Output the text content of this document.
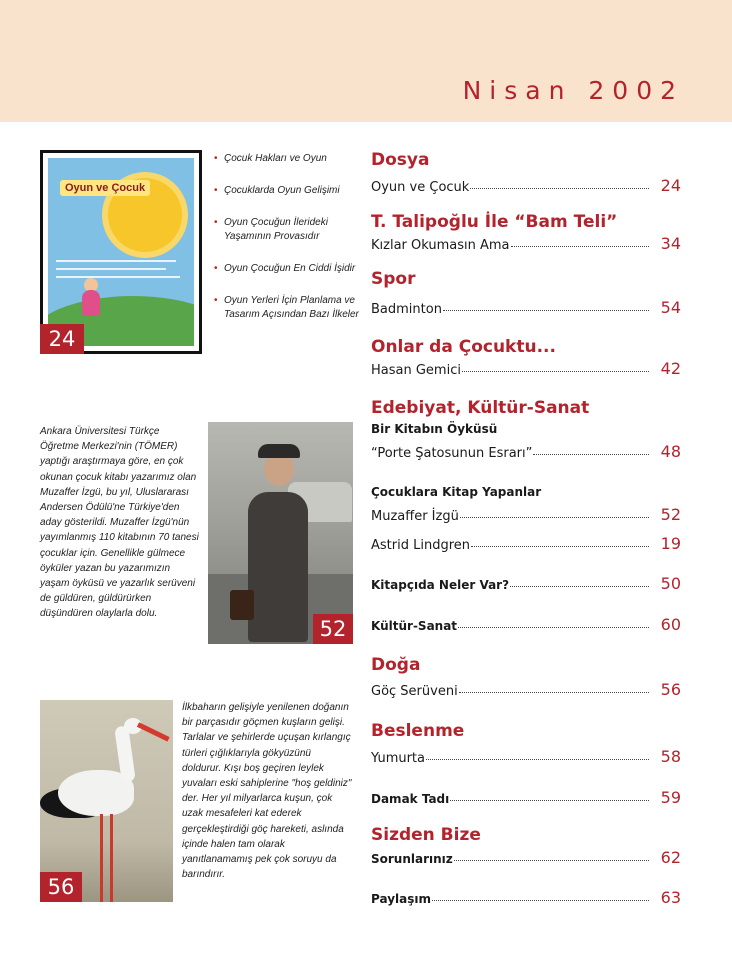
Nisan 2002
Oyun ve Çocuk
24
• Çocuk Hakları ve Oyun
• Çocuklarda Oyun Gelişimi
• Oyun Çocuğun İlerideki Yaşamının Provasıdır
• Oyun Çocuğun En Ciddi İşidir
• Oyun Yerleri İçin Planlama ve Tasarım Açısından Bazı İlkeler

Ankara Üniversitesi Türkçe Öğretme Merkezi'nin (TÖMER) yaptığı araştırmaya göre, en çok okunan çocuk kitabı yazarımız olan Muzaffer İzgü, bu yıl, Uluslararası Andersen Ödülü'ne Türkiye'den aday gösterildi. Muzaffer İzgü'nün yayımlanmış 110 kitabının 70 tanesi çocuklar için. Genellikle gülmece öyküler yazan bu yazarımızın yaşam öyküsü ve yazarlık serüveni de güldüren, güldürürken düşündüren olaylarla dolu.

52
56

İlkbaharın gelişiyle yenilenen doğanın bir parçasıdır göçmen kuşların gelişi. Tarlalar ve şehirlerde uçuşan kırlangıç türleri çığlıklarıyla gökyüzünü doldurur. Kışı boş geçiren leylek yuvaları eski sahiplerine "hoş geldiniz" der. Her yıl milyarlarca kuşun, çok uzak mesafeleri kat ederek gerçekleştirdiği göç hareketi, aslında içinde halen tam olarak yanıtlanamamış pek çok soruyu da barındırır.

Dosya
Oyun ve Çocuk	24
T. Talipoğlu İle “Bam Teli”
Kızlar Okumasın Ama	34
Spor
Badminton	54
Onlar da Çocuktu...
Hasan Gemici	42
Edebiyat, Kültür-Sanat
Bir Kitabın Öyküsü
“Porte Şatosunun Esrarı”	48
Çocuklara Kitap Yapanlar
Muzaffer İzgü	52
Astrid Lindgren	19
Kitapçıda Neler Var?	50
Kültür-Sanat	60
Doğa
Göç Serüveni	56
Beslenme
Yumurta	58
Damak Tadı	59
Sizden Bize
Sorunlarınız	62
Paylaşım	63
